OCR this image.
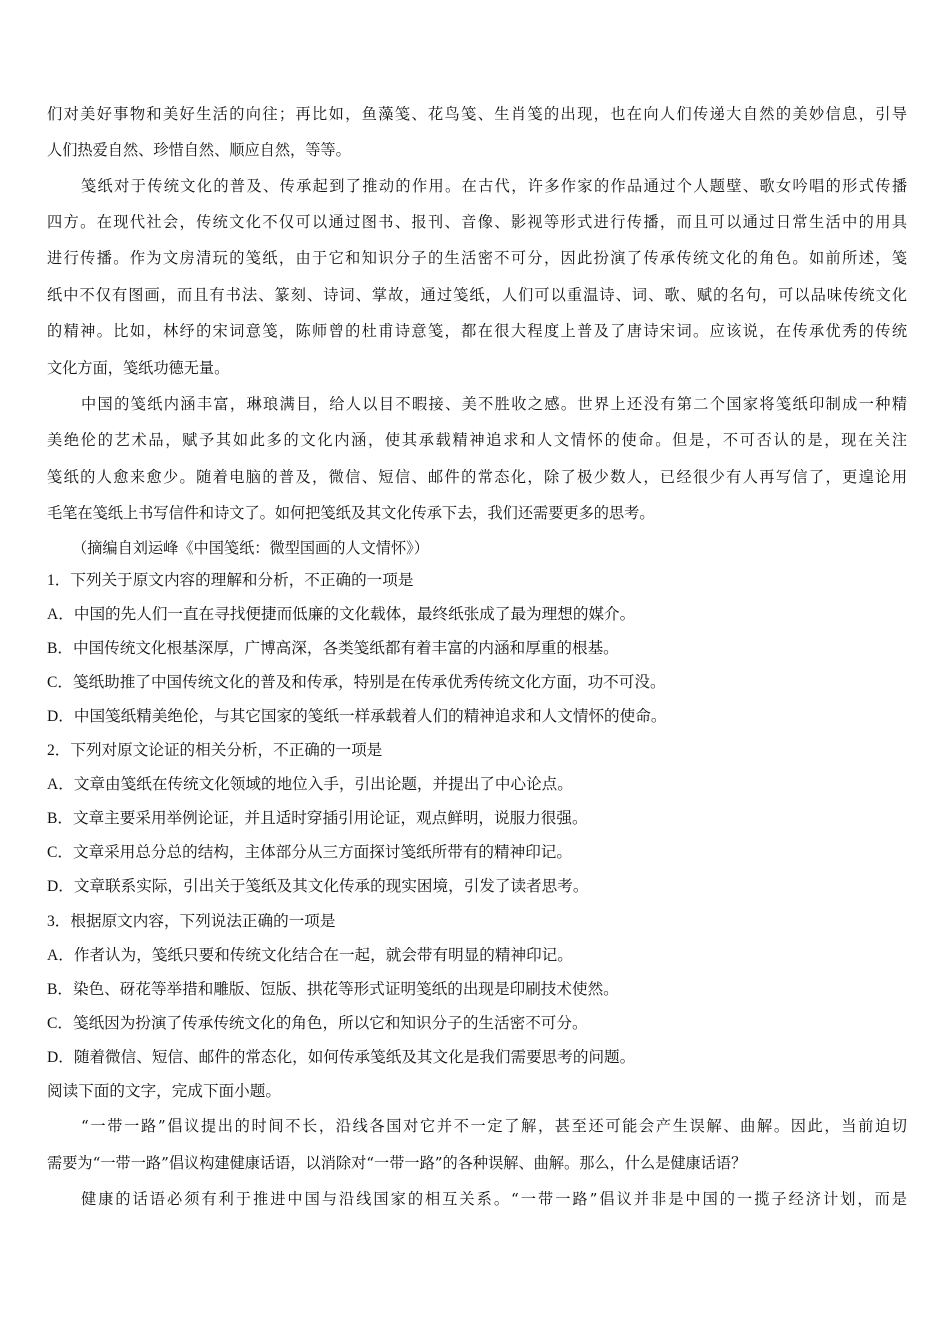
们对美好事物和美好生活的向往；再比如，鱼藻笺、花鸟笺、生肖笺的出现，也在向人们传递大自然的美妙信息，引导
人们热爱自然、珍惜自然、顺应自然，等等。
笺纸对于传统文化的普及、传承起到了推动的作用。在古代，许多作家的作品通过个人题壁、歌女吟唱的形式传播
四方。在现代社会，传统文化不仅可以通过图书、报刊、音像、影视等形式进行传播，而且可以通过日常生活中的用具
进行传播。作为文房清玩的笺纸，由于它和知识分子的生活密不可分，因此扮演了传承传统文化的角色。如前所述，笺
纸中不仅有图画，而且有书法、篆刻、诗词、掌故，通过笺纸，人们可以重温诗、词、歌、赋的名句，可以品味传统文化
的精神。比如，林纾的宋词意笺，陈师曾的杜甫诗意笺，都在很大程度上普及了唐诗宋词。应该说，在传承优秀的传统
文化方面，笺纸功德无量。
中国的笺纸内涵丰富，琳琅满目，给人以目不暇接、美不胜收之感。世界上还没有第二个国家将笺纸印制成一种精
美绝伦的艺术品，赋予其如此多的文化内涵，使其承载精神追求和人文情怀的使命。但是，不可否认的是，现在关注
笺纸的人愈来愈少。随着电脑的普及，微信、短信、邮件的常态化，除了极少数人，已经很少有人再写信了，更遑论用
毛笔在笺纸上书写信件和诗文了。如何把笺纸及其文化传承下去，我们还需要更多的思考。
（摘编自刘运峰《中国笺纸：微型国画的人文情怀》）
1．下列关于原文内容的理解和分析，不正确的一项是
A．中国的先人们一直在寻找便捷而低廉的文化载体，最终纸张成了最为理想的媒介。
B．中国传统文化根基深厚，广博高深，各类笺纸都有着丰富的内涵和厚重的根基。
C．笺纸助推了中国传统文化的普及和传承，特别是在传承优秀传统文化方面，功不可没。
D．中国笺纸精美绝伦，与其它国家的笺纸一样承载着人们的精神追求和人文情怀的使命。
2．下列对原文论证的相关分析，不正确的一项是
A．文章由笺纸在传统文化领域的地位入手，引出论题，并提出了中心论点。
B．文章主要采用举例论证，并且适时穿插引用论证，观点鲜明，说服力很强。
C．文章采用总分总的结构，主体部分从三方面探讨笺纸所带有的精神印记。
D．文章联系实际，引出关于笺纸及其文化传承的现实困境，引发了读者思考。
3．根据原文内容，下列说法正确的一项是
A．作者认为，笺纸只要和传统文化结合在一起，就会带有明显的精神印记。
B．染色、砑花等举措和雕版、饾版、拱花等形式证明笺纸的出现是印刷技术使然。
C．笺纸因为扮演了传承传统文化的角色，所以它和知识分子的生活密不可分。
D．随着微信、短信、邮件的常态化，如何传承笺纸及其文化是我们需要思考的问题。
阅读下面的文字，完成下面小题。
“一带一路”倡议提出的时间不长，沿线各国对它并不一定了解，甚至还可能会产生误解、曲解。因此，当前迫切
需要为“一带一路”倡议构建健康话语，以消除对“一带一路”的各种误解、曲解。那么，什么是健康话语？
健康的话语必须有利于推进中国与沿线国家的相互关系。“一带一路”倡议并非是中国的一揽子经济计划，而是
